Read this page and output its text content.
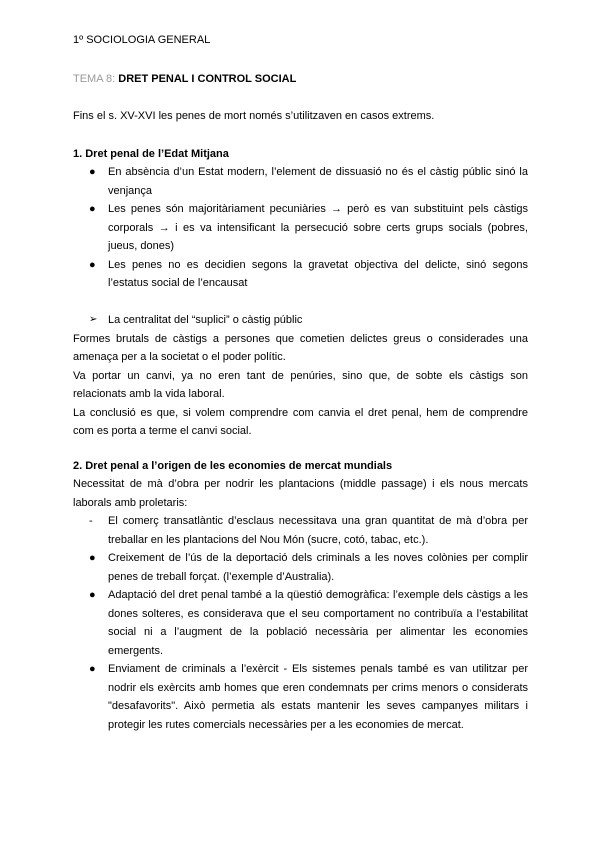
1º SOCIOLOGIA GENERAL
TEMA 8: DRET PENAL I CONTROL SOCIAL

Fins el s. XV-XVI les penes de mort només s’utilitzaven en casos extrems.

1. Dret penal de l’Edat Mitjana
● En absència d’un Estat modern, l’element de dissuasió no és el càstig públic sinó la venjança
● Les penes són majoritàriament pecuniàries → però es van substituint pels càstigs corporals → i es va intensificant la persecució sobre certs grups socials (pobres, jueus, dones)
● Les penes no es decidien segons la gravetat objectiva del delicte, sinó segons l’estatus social de l’encausat
➢ La centralitat del “suplici” o càstig públic

Formes brutals de càstigs a persones que cometien delictes greus o considerades una amenaça per a la societat o el poder polític.

Va portar un canvi, ya no eren tant de penúries, sino que, de sobte els càstigs son relacionats amb la vida laboral.

La conclusió es que, si volem comprendre com canvia el dret penal, hem de comprendre com es porta a terme el canvi social.

2. Dret penal a l’origen de les economies de mercat mundials

Necessitat de mà d’obra per nodrir les plantacions (middle passage) i els nous mercats laborals amb proletaris:

- El comerç transatlàntic d’esclaus necessitava una gran quantitat de mà d’obra per treballar en les plantacions del Nou Món (sucre, cotó, tabac, etc.).
● Creixement de l’ús de la deportació dels criminals a les noves colònies per complir penes de treball forçat. (l’exemple d’Australia).
● Adaptació del dret penal també a la qüestió demogràfica: l’exemple dels càstigs a les dones solteres, es considerava que el seu comportament no contribuïa a l’estabilitat social ni a l’augment de la població necessària per alimentar les economies emergents.
● Enviament de criminals a l’exèrcit - Els sistemes penals també es van utilitzar per nodrir els exèrcits amb homes que eren condemnats per crims menors o considerats "desafavorits". Això permetia als estats mantenir les seves campanyes militars i protegir les rutes comercials necessàries per a les economies de mercat.
